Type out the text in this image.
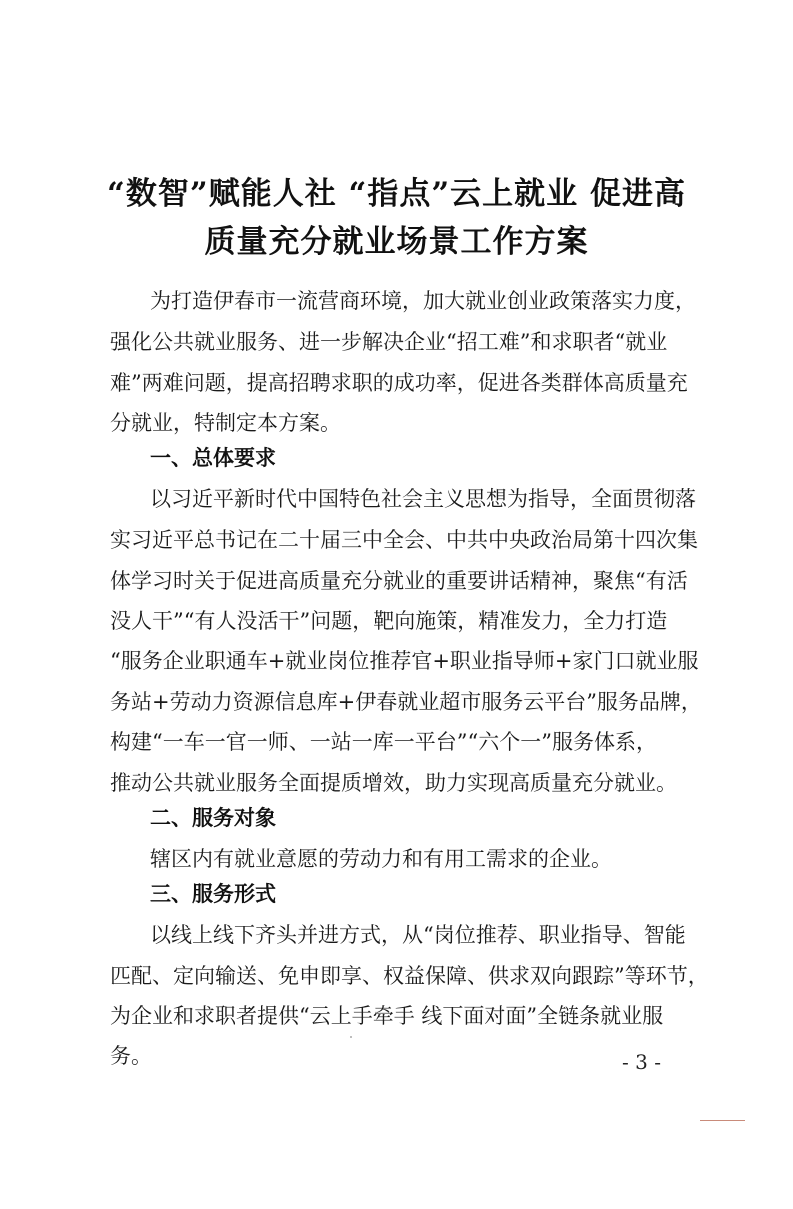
“数智”赋能人社 “指点”云上就业 促进高
质量充分就业场景工作方案
为打造伊春市一流营商环境，加大就业创业政策落实力度，
强化公共就业服务、进一步解决企业“招工难”和求职者“就业
难”两难问题，提高招聘求职的成功率，促进各类群体高质量充
分就业，特制定本方案。
一、总体要求
以习近平新时代中国特色社会主义思想为指导，全面贯彻落
实习近平总书记在二十届三中全会、中共中央政治局第十四次集
体学习时关于促进高质量充分就业的重要讲话精神，聚焦“有活
没人干”“有人没活干”问题，靶向施策，精准发力，全力打造
“服务企业职通车+就业岗位推荐官+职业指导师+家门口就业服
务站+劳动力资源信息库+伊春就业超市服务云平台”服务品牌，
构建“一车一官一师、一站一库一平台”“六个一”服务体系，
推动公共就业服务全面提质增效，助力实现高质量充分就业。
二、服务对象
辖区内有就业意愿的劳动力和有用工需求的企业。
三、服务形式
以线上线下齐头并进方式，从“岗位推荐、职业指导、智能
匹配、定向输送、免申即享、权益保障、供求双向跟踪”等环节，
为企业和求职者提供“云上手牵手 线下面对面”全链条就业服
务。	- 3 -
